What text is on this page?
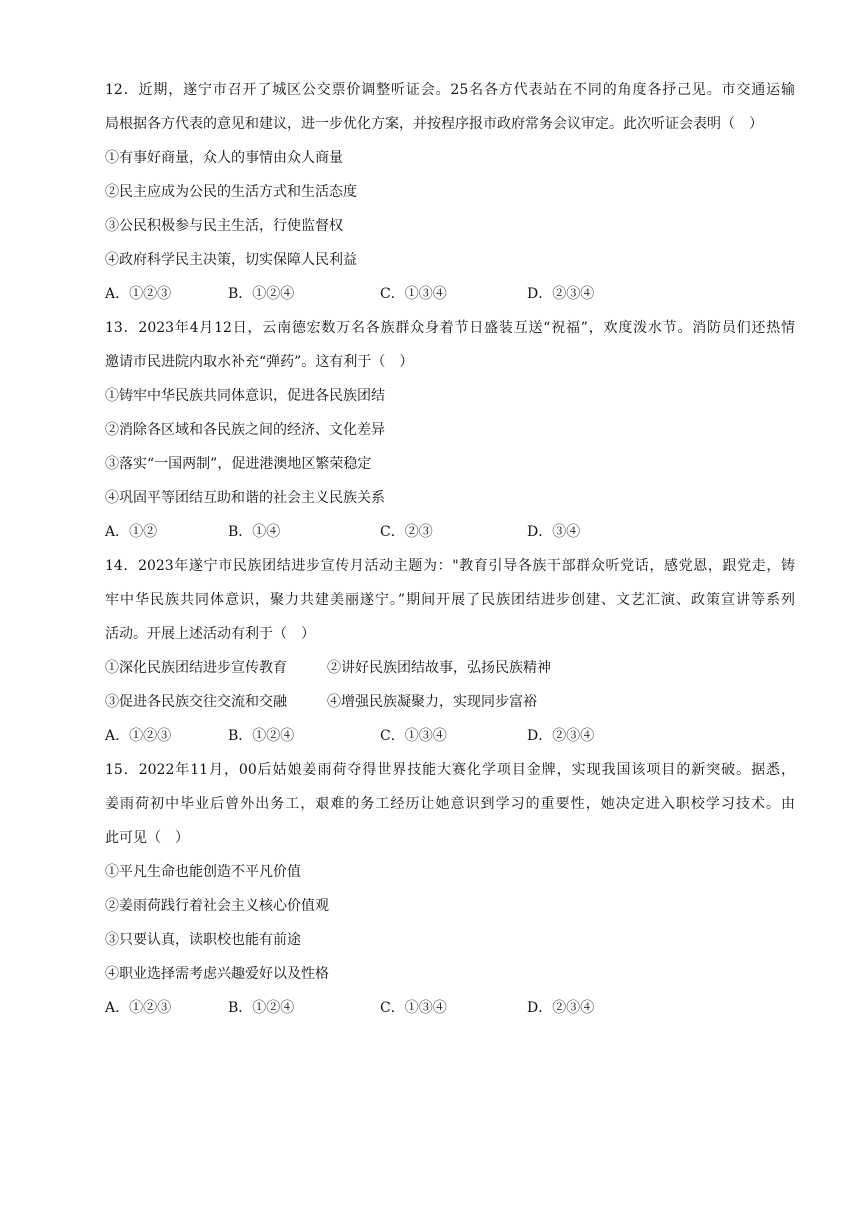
12．近期，遂宁市召开了城区公交票价调整听证会。25名各方代表站在不同的角度各抒己见。市交通运输
局根据各方代表的意见和建议，进一步优化方案，并按程序报市政府常务会议审定。此次听证会表明（　）
①有事好商量，众人的事情由众人商量
②民主应成为公民的生活方式和生活态度
③公民积极参与民主生活，行使监督权
④政府科学民主决策，切实保障人民利益
A．①②③	B．①②④	C．①③④	D．②③④
13．2023年4月12日，云南德宏数万名各族群众身着节日盛装互送“祝福”，欢度泼水节。消防员们还热情
邀请市民进院内取水补充“弹药”。这有利于（　）
①铸牢中华民族共同体意识，促进各民族团结
②消除各区域和各民族之间的经济、文化差异
③落实“一国两制”，促进港澳地区繁荣稳定
④巩固平等团结互助和谐的社会主义民族关系
A．①②	B．①④	C．②③	D．③④
14．2023年遂宁市民族团结进步宣传月活动主题为："教育引导各族干部群众听党话，感党恩，跟党走，铸
牢中华民族共同体意识，聚力共建美丽遂宁。”期间开展了民族团结进步创建、文艺汇演、政策宣讲等系列
活动。开展上述活动有利于（　）
①深化民族团结进步宣传教育	②讲好民族团结故事，弘扬民族精神
③促进各民族交往交流和交融	④增强民族凝聚力，实现同步富裕
A．①②③	B．①②④	C．①③④	D．②③④
15．2022年11月，00后姑娘姜雨荷夺得世界技能大赛化学项目金牌，实现我国该项目的新突破。据悉，
姜雨荷初中毕业后曾外出务工，艰难的务工经历让她意识到学习的重要性，她决定进入职校学习技术。由
此可见（　）
①平凡生命也能创造不平凡价值
②姜雨荷践行着社会主义核心价值观
③只要认真，读职校也能有前途
④职业选择需考虑兴趣爱好以及性格
A．①②③	B．①②④	C．①③④	D．②③④
